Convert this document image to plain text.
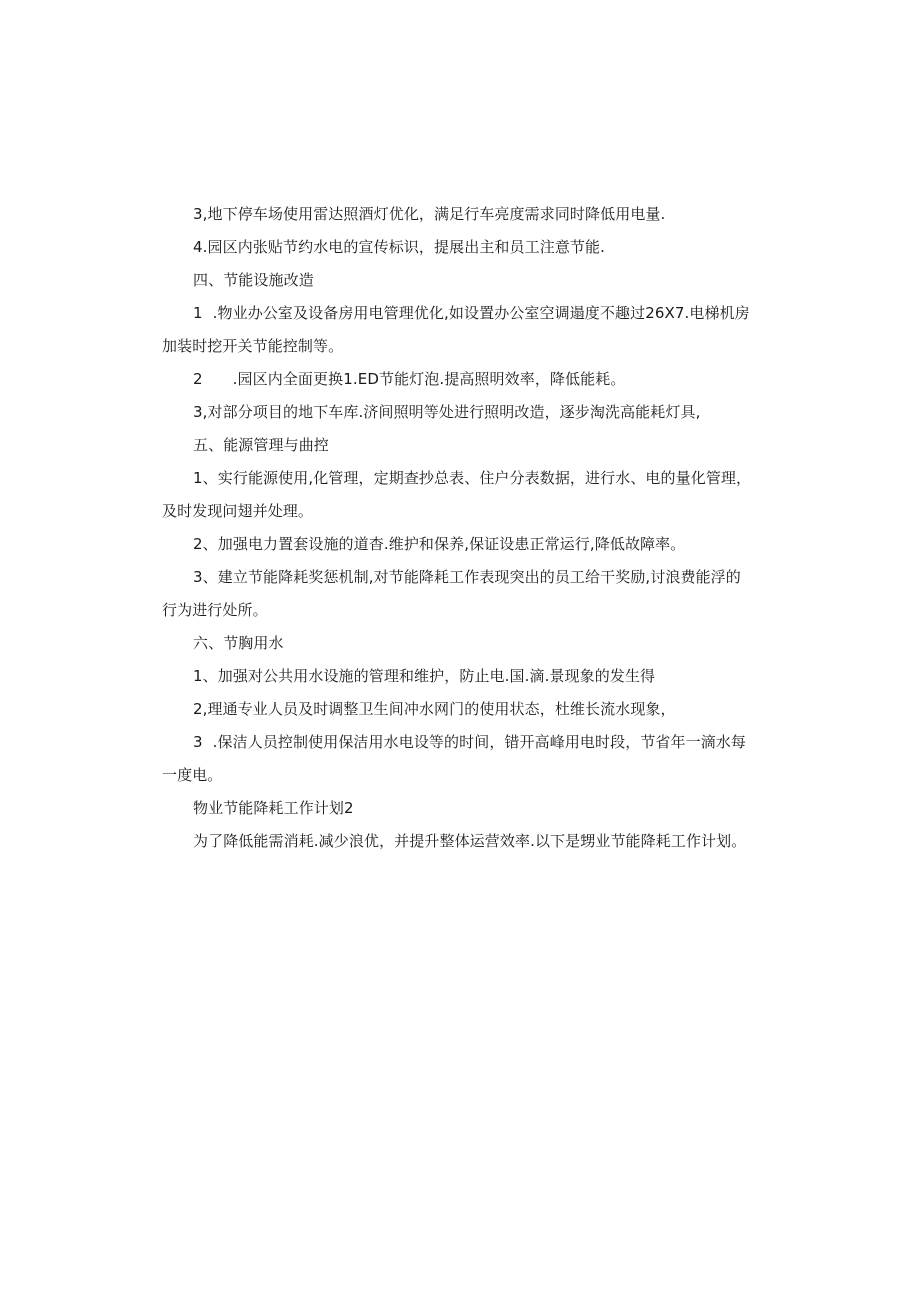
3,地下停车场使用雷达照酒灯优化，满足行车亮度需求同时降低用电量.

4.园区内张贴节约水电的宣传标识，提展出主和员工注意节能.

四、节能设施改造

1 .物业办公室及设备房用电管理优化,如设置办公室空调遢度不趣过26X7.电梯机房

加装时挖开关节能控制等。

2 .园区内全面更换1.ED节能灯泡.提高照明效率，降低能耗。

3,对部分项目的地下车库.济间照明等处进行照明改造，逐步淘洗高能耗灯具,

五、能源管理与曲控

1、实行能源使用,化管理，定期查抄总表、住户分表数据，进行水、电的量化管理，

及时发现问翅并处理。

2、加强电力置套设施的道杳.维护和保养,保证设患正常运行,降低故障率。

3、建立节能降耗奖惩机制,对节能降耗工作表现突出的员工给干奖励,讨浪费能浮的

行为进行处所。

六、节胸用水

1、加强对公共用水设施的管理和维护，防止电.国.滴.景现象的发生得

2,理通专业人员及时调整卫生间冲水网门的使用状态，杜维长流水现象，

3 .保洁人员控制使用保洁用水电设等的时间，错开高峰用电时段，节省年一滴水每

一度电。

物业节能降耗工作计划2

为了降低能需消耗.减少浪优，并提升整体运营效率.以下是甥业节能降耗工作计划。
